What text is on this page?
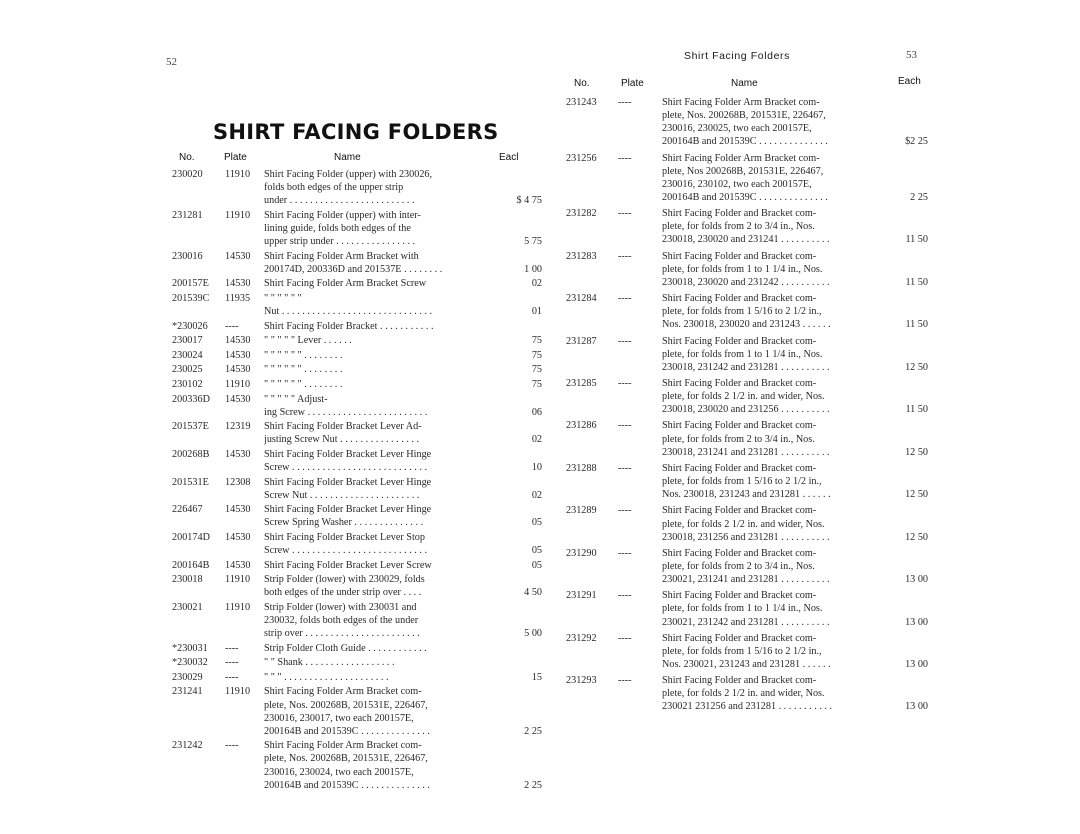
52	Shirt Facing Folders	53
No.	Plate	Name	Each
SHIRT FACING FOLDERS
No.	Plate	Name	Eacl
230020	11910 Shirt Facing Folder (upper) with 230026,
folds both edges of the upper strip
under . . . . . . . . . . . . . . . . . . . . . . . . .	$ 4 75
231281	11910 Shirt Facing Folder (upper) with inter-
lining guide, folds both edges of the
upper strip under . . . . . . . . . . . . . . . .	5 75
230016	14530 Shirt Facing Folder Arm Bracket with
200174D, 200336D and 201537E . . . . . . . .	1 00
200157E	14530 Shirt Facing Folder Arm Bracket Screw	02
201539C	11935 " " " " " "
Nut . . . . . . . . . . . . . . . . . . . . . . . . . . . . . .	01
*230026	---- Shirt Facing Folder Bracket . . . . . . . . . . .
230017	14530 " " " " " Lever . . . . . .	75
230024	14530 " " " " " " . . . . . . . .	75
230025	14530 " " " " " " . . . . . . . .	75
230102	11910 " " " " " " . . . . . . . .	75
200336D	14530 " " " " " Adjust-
ing Screw . . . . . . . . . . . . . . . . . . . . . . . .	06
201537E	12319 Shirt Facing Folder Bracket Lever Ad-
justing Screw Nut . . . . . . . . . . . . . . . .	02
200268B	14530 Shirt Facing Folder Bracket Lever Hinge
Screw . . . . . . . . . . . . . . . . . . . . . . . . . . .	10
201531E	12308 Shirt Facing Folder Bracket Lever Hinge
Screw Nut . . . . . . . . . . . . . . . . . . . . . .	02
226467	14530 Shirt Facing Folder Bracket Lever Hinge
Screw Spring Washer . . . . . . . . . . . . . .	05
200174D	14530 Shirt Facing Folder Bracket Lever Stop
Screw . . . . . . . . . . . . . . . . . . . . . . . . . . .	05
200164B	14530 Shirt Facing Folder Bracket Lever Screw	05
230018	11910 Strip Folder (lower) with 230029, folds
both edges of the under strip over . . . .	4 50
230021	11910 Strip Folder (lower) with 230031 and
230032, folds both edges of the under
strip over . . . . . . . . . . . . . . . . . . . . . . .	5 00
*230031	---- Strip Folder Cloth Guide . . . . . . . . . . . .
*230032	---- " " Shank . . . . . . . . . . . . . . . . . .
230029	---- " " " . . . . . . . . . . . . . . . . . . . . .	15
231241	11910 Shirt Facing Folder Arm Bracket com-
plete, Nos. 200268B, 201531E, 226467,
230016, 230017, two each 200157E,
200164B and 201539C . . . . . . . . . . . . . .	2 25
231242	---- Shirt Facing Folder Arm Bracket com-
plete, Nos. 200268B, 201531E, 226467,
230016, 230024, two each 200157E,
200164B and 201539C . . . . . . . . . . . . . .	2 25
231243	----	Shirt Facing Folder Arm Bracket com-
plete, Nos. 200268B, 201531E, 226467,
230016, 230025, two each 200157E,
200164B and 201539C . . . . . . . . . . . . . .	$2 25
231256	----	Shirt Facing Folder Arm Bracket com-
plete, Nos 200268B, 201531E, 226467,
230016, 230102, two each 200157E,
200164B and 201539C . . . . . . . . . . . . . .	2 25
231282	----	Shirt Facing Folder and Bracket com-
plete, for folds from 2 to 3/4 in., Nos.
230018, 230020 and 231241 . . . . . . . . . .	11 50
231283	----	Shirt Facing Folder and Bracket com-
plete, for folds from 1 to 1 1/4 in., Nos.
230018, 230020 and 231242 . . . . . . . . . .	11 50
231284	----	Shirt Facing Folder and Bracket com-
plete, for folds from 1 5/16 to 2 1/2 in.,
Nos. 230018, 230020 and 231243 . . . . . .	11 50
231287	----	Shirt Facing Folder and Bracket com-
plete, for folds from 1 to 1 1/4 in., Nos.
230018, 231242 and 231281 . . . . . . . . . .	12 50
231285	----	Shirt Facing Folder and Bracket com-
plete, for folds 2 1/2 in. and wider, Nos.
230018, 230020 and 231256 . . . . . . . . . .	11 50
231286	----	Shirt Facing Folder and Bracket com-
plete, for folds from 2 to 3/4 in., Nos.
230018, 231241 and 231281 . . . . . . . . . .	12 50
231288	----	Shirt Facing Folder and Bracket com-
plete, for folds from 1 5/16 to 2 1/2 in.,
Nos. 230018, 231243 and 231281 . . . . . .	12 50
231289	----	Shirt Facing Folder and Bracket com-
plete, for folds 2 1/2 in. and wider, Nos.
230018, 231256 and 231281 . . . . . . . . . .	12 50
231290	----	Shirt Facing Folder and Bracket com-
plete, for folds from 2 to 3/4 in., Nos.
230021, 231241 and 231281 . . . . . . . . . .	13 00
231291	----	Shirt Facing Folder and Bracket com-
plete, for folds from 1 to 1 1/4 in., Nos.
230021, 231242 and 231281 . . . . . . . . . .	13 00
231292	----	Shirt Facing Folder and Bracket com-
plete, for folds from 1 5/16 to 2 1/2 in.,
Nos. 230021, 231243 and 231281 . . . . . .	13 00
231293	----	Shirt Facing Folder and Bracket com-
plete, for folds 2 1/2 in. and wider, Nos.
230021 231256 and 231281 . . . . . . . . . . .	13 00
